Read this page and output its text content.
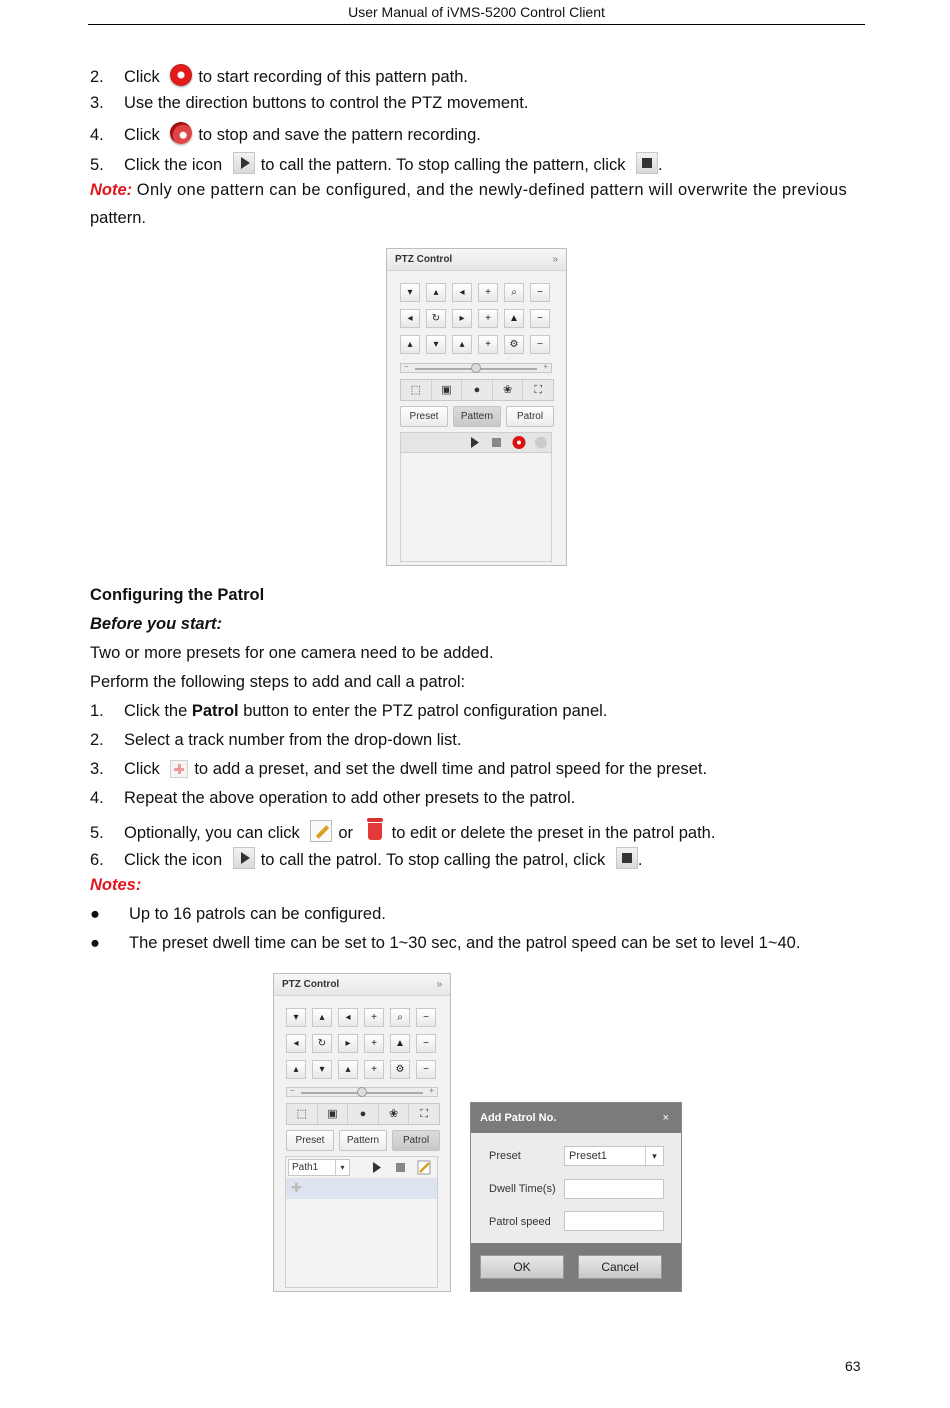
User Manual of iVMS-5200 Control Client
2. Click to start recording of this pattern path.
3. Use the direction buttons to control the PTZ movement.
4. Click to stop and save the pattern recording.
5. Click the icon to call the pattern. To stop calling the pattern, click .
Note: Only one pattern can be configured, and the newly-defined pattern will overwrite the previous
pattern.
PTZ Control	»
▾	▴	◂	+	⌕	−
◂	↻	▸	+	▲	−
▴	▾	▴	+	⚙	−
−	+
⬚	▣	●	❀	⛶
Preset	Pattern	Patrol
Configuring the Patrol
Before you start:
Two or more presets for one camera need to be added.
Perform the following steps to add and call a patrol:
1. Click the Patrol button to enter the PTZ patrol configuration panel.
2. Select a track number from the drop-down list.
3. Click to add a preset, and set the dwell time and patrol speed for the preset.
4. Repeat the above operation to add other presets to the patrol.
5. Optionally, you can click or to edit or delete the preset in the patrol path.
6. Click the icon to call the patrol. To stop calling the patrol, click .
Notes:
● Up to 16 patrols can be configured.
● The preset dwell time can be set to 1~30 sec, and the patrol speed can be set to level 1~40.
PTZ Control	»
▾	▴	◂	+	⌕	−
◂	↻	▸	+	▲	−
▴	▾	▴	+	⚙	−
−	+
⬚	▣	●	❀	⛶
Preset	Pattern	Patrol
Path1	▾
✚
Add Patrol No.	×
Preset	Preset1	▾
Dwell Time(s)
Patrol speed
OK	Cancel
63
